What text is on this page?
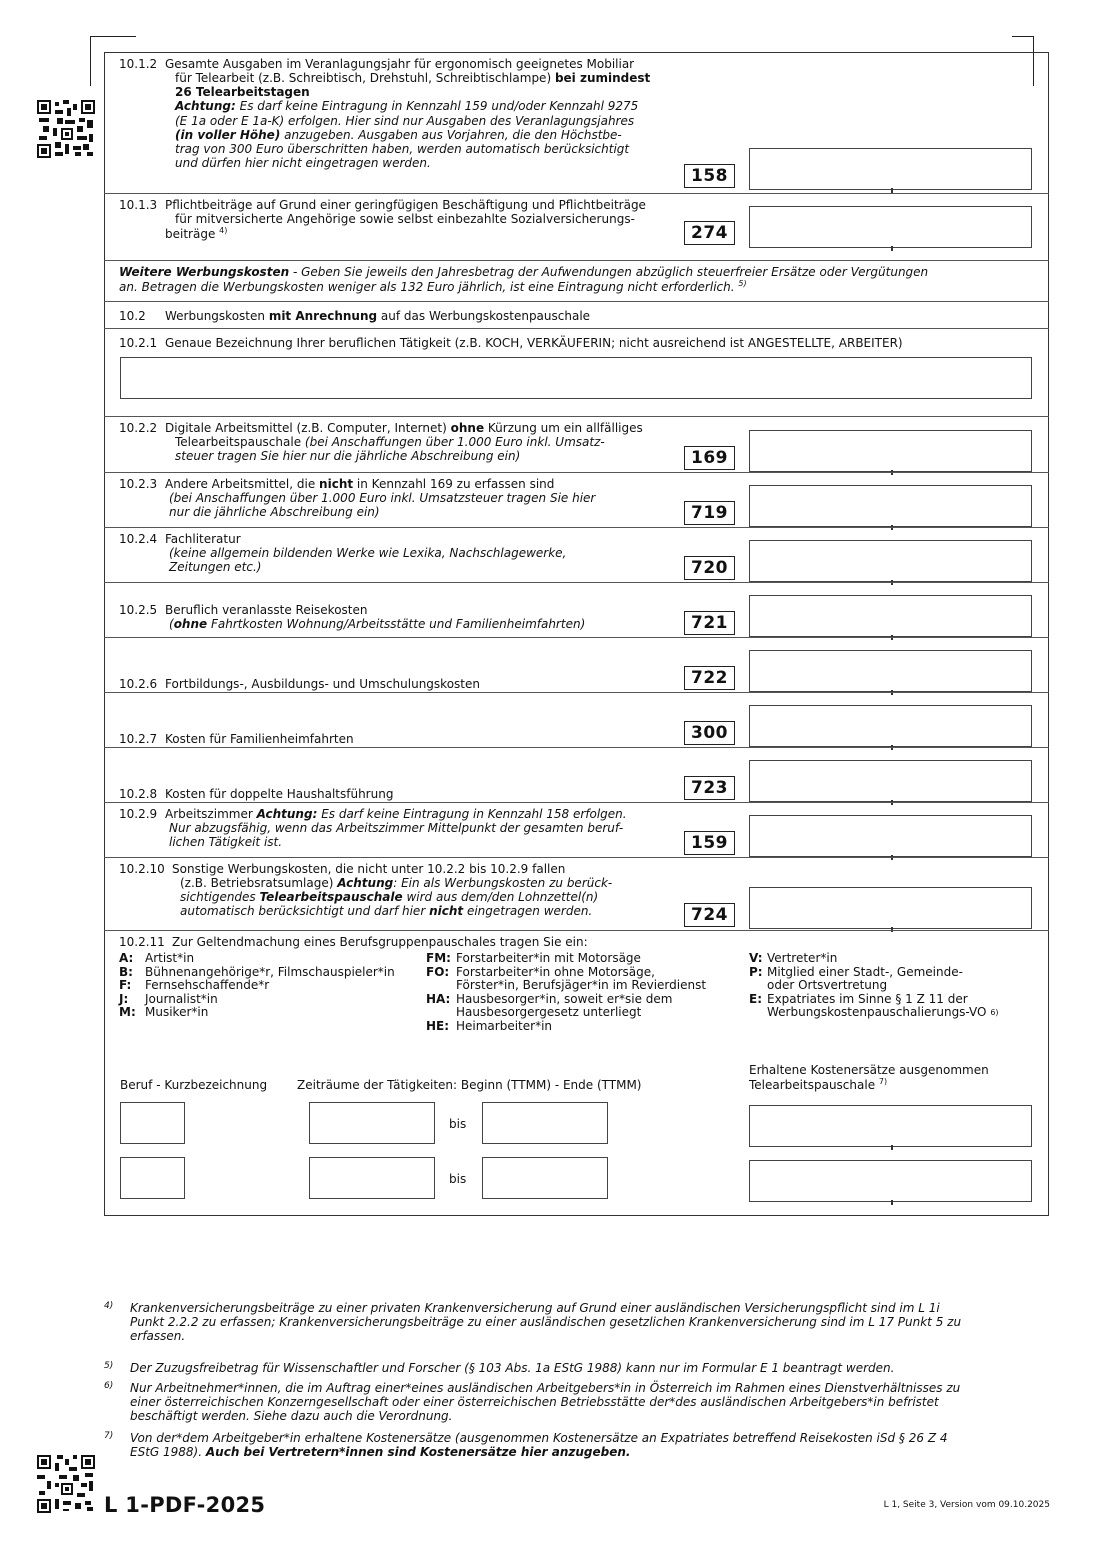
10.1.2 Gesamte Ausgaben im Veranlagungsjahr für ergonomisch geeignetes Mobiliar
für Telearbeit (z.B. Schreibtisch, Drehstuhl, Schreibtischlampe) bei zumindest
26 Telearbeitstagen
Achtung: Es darf keine Eintragung in Kennzahl 159 und/oder Kennzahl 9275
(E 1a oder E 1a-K) erfolgen. Hier sind nur Ausgaben des Veranlagungsjahres
(in voller Höhe) anzugeben. Ausgaben aus Vorjahren, die den Höchstbe-
trag von 300 Euro überschritten haben, werden automatisch berücksichtigt
und dürfen hier nicht eingetragen werden.
158
10.1.3 Pflichtbeiträge auf Grund einer geringfügigen Beschäftigung und Pflichtbeiträge
für mitversicherte Angehörige sowie selbst einbezahlte Sozialversicherungs-
beiträge $^{4)}$	274
Weitere Werbungskosten - Geben Sie jeweils den Jahresbetrag der Aufwendungen abzüglich steuerfreier Ersätze oder Vergütungen
an. Betragen die Werbungskosten weniger als 132 Euro jährlich, ist eine Eintragung nicht erforderlich. $^{5)}$
10.2 Werbungskosten mit Anrechnung auf das Werbungskostenpauschale
10.2.1 Genaue Bezeichnung Ihrer beruflichen Tätigkeit (z.B. KOCH, VERKÄUFERIN; nicht ausreichend ist ANGESTELLTE, ARBEITER)
10.2.2 Digitale Arbeitsmittel (z.B. Computer, Internet) ohne Kürzung um ein allfälliges
Telearbeitspauschale (bei Anschaffungen über 1.000 Euro inkl. Umsatz-
steuer tragen Sie hier nur die jährliche Abschreibung ein)	169
10.2.3 Andere Arbeitsmittel, die nicht in Kennzahl 169 zu erfassen sind
(bei Anschaffungen über 1.000 Euro inkl. Umsatzsteuer tragen Sie hier
nur die jährliche Abschreibung ein)	719
10.2.4 Fachliteratur
(keine allgemein bildenden Werke wie Lexika, Nachschlagewerke,
Zeitungen etc.)	720
10.2.5 Beruflich veranlasste Reisekosten
(ohne Fahrtkosten Wohnung/Arbeitsstätte und Familienheimfahrten)	721
10.2.6 Fortbildungs-, Ausbildungs- und Umschulungskosten	722
10.2.7 Kosten für Familienheimfahrten	300
10.2.8 Kosten für doppelte Haushaltsführung	723
10.2.9 Arbeitszimmer Achtung: Es darf keine Eintragung in Kennzahl 158 erfolgen.
Nur abzugsfähig, wenn das Arbeitszimmer Mittelpunkt der gesamten beruf-
lichen Tätigkeit ist.	159
10.2.10 Sonstige Werbungskosten, die nicht unter 10.2.2 bis 10.2.9 fallen
(z.B. Betriebsratsumlage) Achtung: Ein als Werbungskosten zu berück-
sichtigendes Telearbeitspauschale wird aus dem/den Lohnzettel(n)
automatisch berücksichtigt und darf hier nicht eingetragen werden.	724
10.2.11 Zur Geltendmachung eines Berufsgruppenpauschales tragen Sie ein:
A: Artist*in
B:	Bühnenangehörige*r, Filmschauspieler*in
F:	Fernsehschaffende*r
J:	Journalist*in
M: Musiker*in
FM: Forstarbeiter*in mit Motorsäge
FO: Forstarbeiter*in ohne Motorsäge,
Förster*in, Berufsjäger*in im Revierdienst
HA: Hausbesorger*in, soweit er*sie dem
Hausbesorgergesetz unterliegt
HE: Heimarbeiter*in
V: Vertreter*in
P: Mitglied einer Stadt-, Gemeinde-
oder Ortsvertretung
E: Expatriates im Sinne § 1 Z 11 der
Werbungskostenpauschalierungs-VO
6)
Erhaltene Kostenersätze ausgenommen
Telearbeitspauschale $^{7)}$
Beruf - Kurzbezeichnung Zeiträume der Tätigkeiten: Beginn (TTMM) - Ende (TTMM)
bis
bis
4) Krankenversicherungsbeiträge zu einer privaten Krankenversicherung auf Grund einer ausländischen Versicherungspflicht sind im L 1i
Punkt 2.2.2 zu erfassen; Krankenversicherungsbeiträge zu einer ausländischen gesetzlichen Krankenversicherung sind im L 17 Punkt 5 zu
erfassen.
5) Der Zuzugsfreibetrag für Wissenschaftler und Forscher (§ 103 Abs. 1a EStG 1988) kann nur im Formular E 1 beantragt werden.
6) Nur Arbeitnehmer*innen, die im Auftrag einer*eines ausländischen Arbeitgebers*in in Österreich im Rahmen eines Dienstverhältnisses zu
einer österreichischen Konzerngesellschaft oder einer österreichischen Betriebsstätte der*des ausländischen Arbeitgebers*in befristet
beschäftigt werden. Siehe dazu auch die Verordnung.
7) Von der*dem Arbeitgeber*in erhaltene Kostenersätze (ausgenommen Kostenersätze an Expatriates betreffend Reisekosten iSd § 26 Z 4
EStG 1988). Auch bei Vertretern*innen sind Kostenersätze hier anzugeben.
L 1-PDF-2025	L 1, Seite 3, Version vom 09.10.2025
